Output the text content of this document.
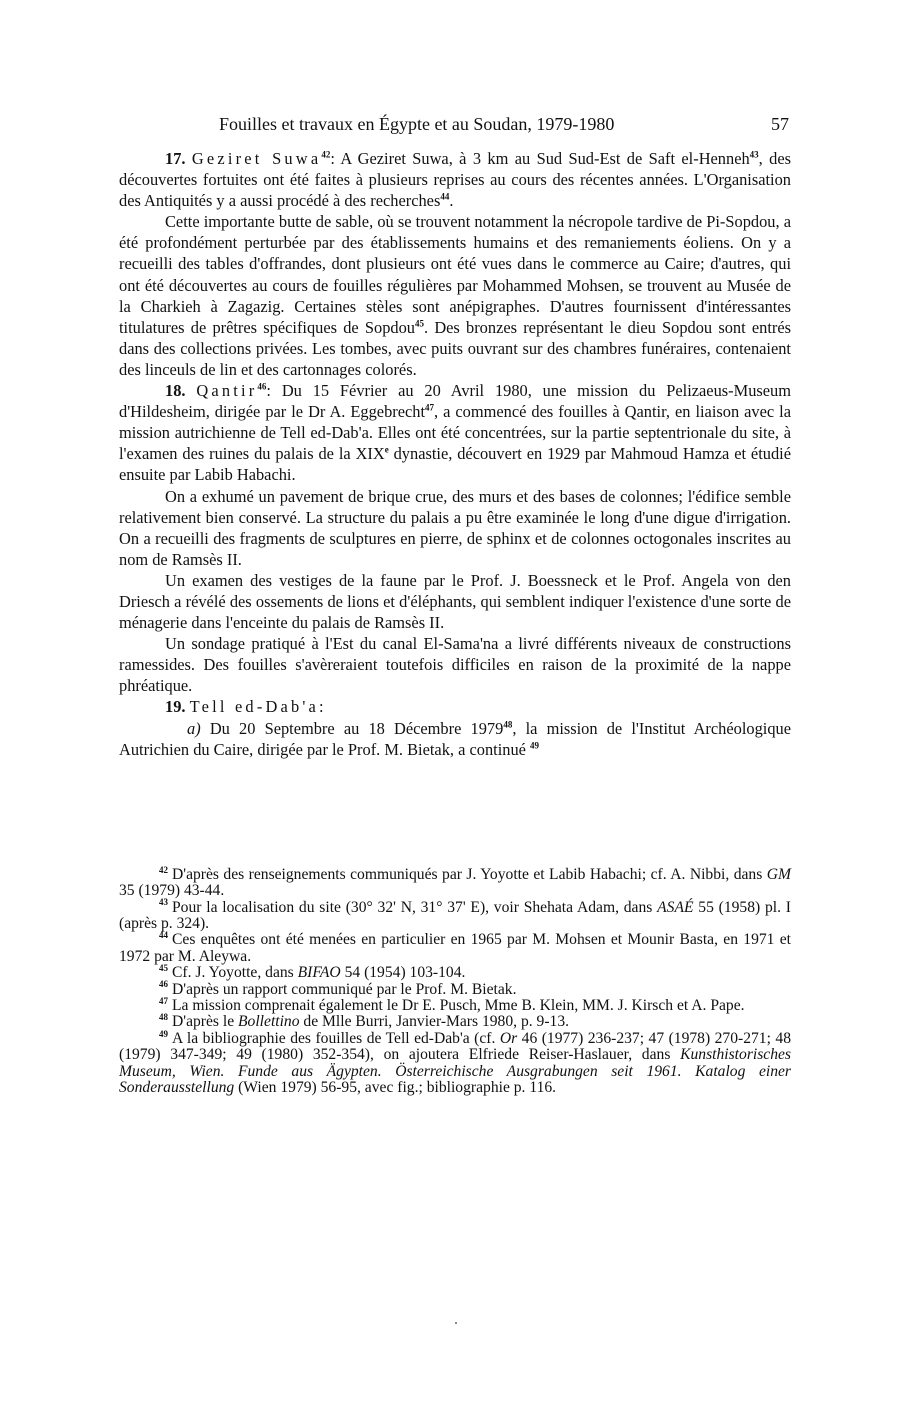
Fouilles et travaux en Égypte et au Soudan, 1979-1980	57

17. Geziret Suwa$^{42}$: A Geziret Suwa, à 3 km au Sud Sud-Est de Saft el-Henneh$^{43}$, des découvertes fortuites ont été faites à plusieurs reprises au cours des récentes années. L'Organisation des Antiquités y a aussi procédé à des recherches$^{44}$.

Cette importante butte de sable, où se trouvent notamment la nécropole tardive de Pi-Sopdou, a été profondément perturbée par des établissements humains et des remaniements éoliens. On y a recueilli des tables d'offrandes, dont plusieurs ont été vues dans le commerce au Caire; d'autres, qui ont été découvertes au cours de fouilles régulières par Mohammed Mohsen, se trouvent au Musée de la Charkieh à Zagazig. Certaines stèles sont anépigraphes. D'autres fournissent d'intéressantes titulatures de prêtres spécifiques de Sopdou$^{45}$. Des bronzes représentant le dieu Sopdou sont entrés dans des collections privées. Les tombes, avec puits ouvrant sur des chambres funéraires, contenaient des linceuls de lin et des cartonnages colorés.

18. Qantir$^{46}$: Du 15 Février au 20 Avril 1980, une mission du Pelizaeus-Museum d'Hildesheim, dirigée par le Dr A. Eggebrecht$^{47}$, a commencé des fouilles à Qantir, en liaison avec la mission autrichienne de Tell ed-Dab'a. Elles ont été concentrées, sur la partie septentrionale du site, à l'examen des ruines du palais de la XIXe dynastie, découvert en 1929 par Mahmoud Hamza et étudié ensuite par Labib Habachi.

On a exhumé un pavement de brique crue, des murs et des bases de colonnes; l'édifice semble relativement bien conservé. La structure du palais a pu être examinée le long d'une digue d'irrigation. On a recueilli des fragments de sculptures en pierre, de sphinx et de colonnes octogonales inscrites au nom de Ramsès II.

Un examen des vestiges de la faune par le Prof. J. Boessneck et le Prof. Angela von den Driesch a révélé des ossements de lions et d'éléphants, qui semblent indiquer l'existence d'une sorte de ménagerie dans l'enceinte du palais de Ramsès II.

Un sondage pratiqué à l'Est du canal El-Sama'na a livré différents niveaux de constructions ramessides. Des fouilles s'avèreraient toutefois difficiles en raison de la proximité de la nappe phréatique.

19. Tell ed-Dab'a:

a) Du 20 Septembre au 18 Décembre 1979$^{48}$, la mission de l'Institut Archéologique Autrichien du Caire, dirigée par le Prof. M. Bietak, a continué $^{49}$

$^{42}$ D'après des renseignements communiqués par J. Yoyotte et Labib Habachi; cf. A. Nibbi, dans GM 35 (1979) 43-44.

$^{43}$ Pour la localisation du site (30° 32' N, 31° 37' E), voir Shehata Adam, dans ASAÉ 55 (1958) pl. I (après p. 324).

$^{44}$ Ces enquêtes ont été menées en particulier en 1965 par M. Mohsen et Mounir Basta, en 1971 et 1972 par M. Aleywa.

$^{45}$ Cf. J. Yoyotte, dans BIFAO 54 (1954) 103-104.

$^{46}$ D'après un rapport communiqué par le Prof. M. Bietak.

$^{47}$ La mission comprenait également le Dr E. Pusch, Mme B. Klein, MM. J. Kirsch et A. Pape.

$^{48}$ D'après le Bollettino de Mlle Burri, Janvier-Mars 1980, p. 9-13.

$^{49}$ A la bibliographie des fouilles de Tell ed-Dab'a (cf. Or 46 (1977) 236-237; 47 (1978) 270-271; 48 (1979) 347-349; 49 (1980) 352-354), on ajoutera Elfriede Reiser-Haslauer, dans Kunsthistorisches Museum, Wien. Funde aus Ägypten. Österreichische Ausgrabungen seit 1961. Katalog einer Sonderausstellung (Wien 1979) 56-95, avec fig.; bibliographie p. 116.
